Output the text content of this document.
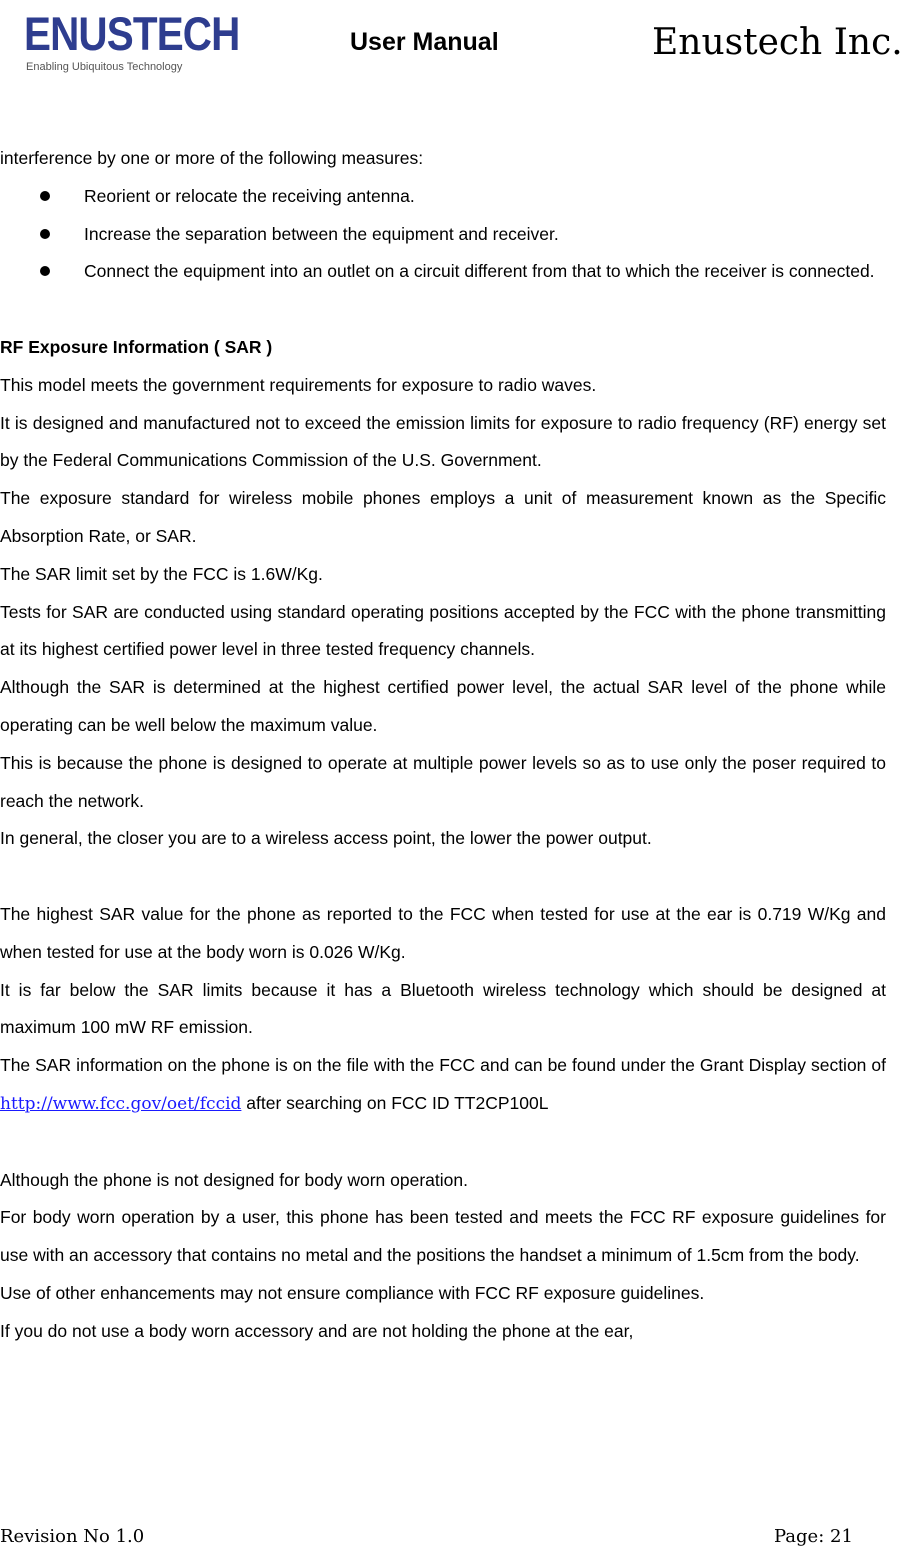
ENUSTECH
Enabling Ubiquitous Technology
User Manual	Enustech Inc.

interference by one or more of the following measures:

Reorient or relocate the receiving antenna.
Increase the separation between the equipment and receiver.
Connect the equipment into an outlet on a circuit different from that to which the receiver is connected.

RF Exposure Information ( SAR )

This model meets the government requirements for exposure to radio waves.

It is designed and manufactured not to exceed the emission limits for exposure to radio frequency (RF) energy set by the Federal Communications Commission of the U.S. Government.

The exposure standard for wireless mobile phones employs a unit of measurement known as the Specific Absorption Rate, or SAR.

The SAR limit set by the FCC is 1.6W/Kg.

Tests for SAR are conducted using standard operating positions accepted by the FCC with the phone transmitting at its highest certified power level in three tested frequency channels.

Although the SAR is determined at the highest certified power level, the actual SAR level of the phone while operating can be well below the maximum value.

This is because the phone is designed to operate at multiple power levels so as to use only the poser required to reach the network.

In general, the closer you are to a wireless access point, the lower the power output.

The highest SAR value for the phone as reported to the FCC when tested for use at the ear is 0.719 W/Kg and when tested for use at the body worn is 0.026 W/Kg.

It is far below the SAR limits because it has a Bluetooth wireless technology which should be designed at maximum 100 mW RF emission.

The SAR information on the phone is on the file with the FCC and can be found under the Grant Display section of http://www.fcc.gov/oet/fccid after searching on FCC ID TT2CP100L

Although the phone is not designed for body worn operation.

For body worn operation by a user, this phone has been tested and meets the FCC RF exposure guidelines for use with an accessory that contains no metal and the positions the handset a minimum of 1.5cm from the body.

Use of other enhancements may not ensure compliance with FCC RF exposure guidelines.

If you do not use a body worn accessory and are not holding the phone at the ear,

Revision No 1.0	Page: 21
